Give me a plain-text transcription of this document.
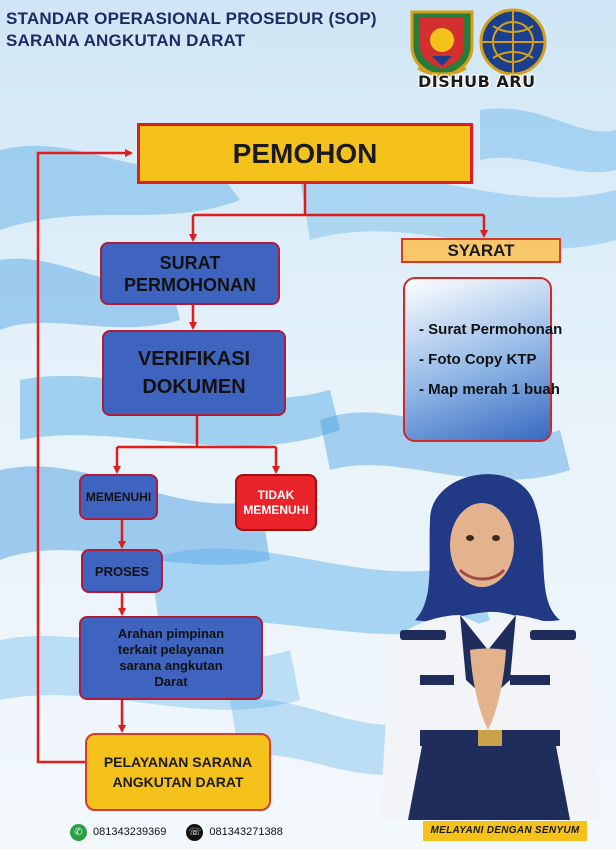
STANDAR OPERASIONAL PROSEDUR (SOP)
SARANA ANGKUTAN DARAT
DISHUB ARU
PEMOHON
SYARAT
SURAT
PERMOHONAN
VERIFIKASI
DOKUMEN
MEMENUHI	TIDAK
MEMENUHI
PROSES
Arahan pimpinan
terkait pelayanan
sarana angkutan
Darat
PELAYANAN SARANA
ANGKUTAN DARAT
- Surat Permohonan
- Foto Copy KTP
- Map merah 1 buah
✆ 081343239369 ☏ 081343271388	MELAYANI DENGAN SENYUM
